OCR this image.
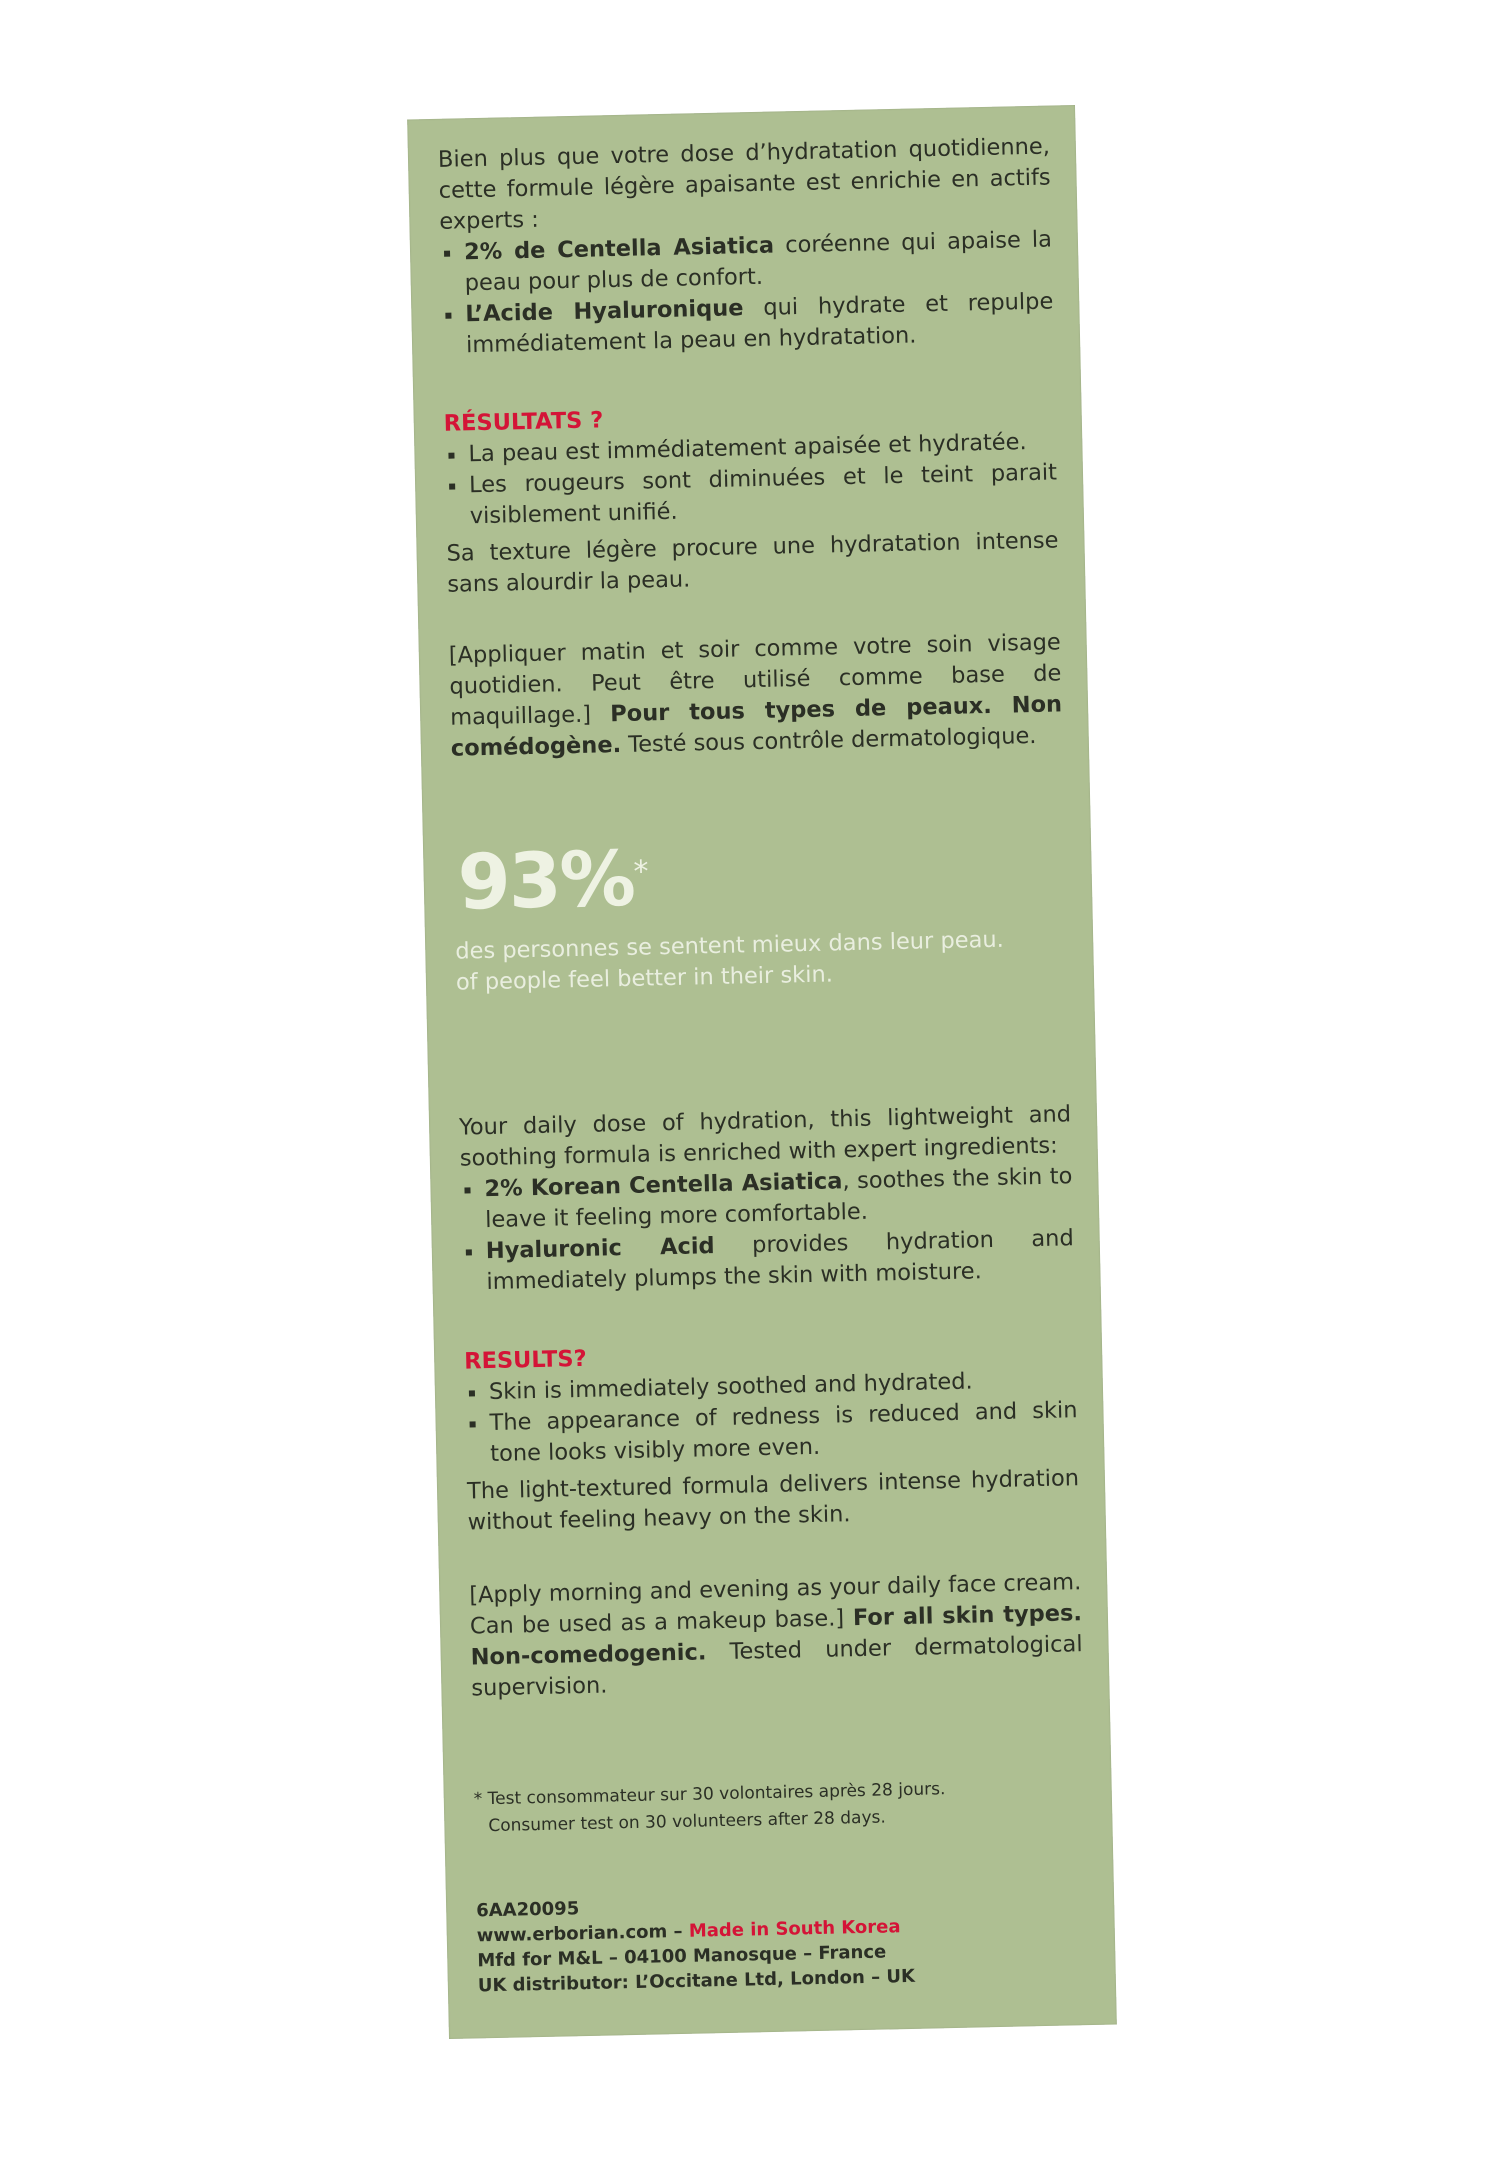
Bien plus que votre dose d’hydratation quotidienne, cette formule légère apaisante est enrichie en actifs experts :

2% de Centella Asiatica coréenne qui apaise la peau pour plus de confort.
L’Acide Hyaluronique qui hydrate et repulpe immédiatement la peau en hydratation.

RÉSULTATS ?

La peau est immédiatement apaisée et hydratée.
Les rougeurs sont diminuées et le teint parait visiblement unifié.

Sa texture légère procure une hydratation intense sans alourdir la peau.

[Appliquer matin et soir comme votre soin visage quotidien. Peut être utilisé comme base de maquillage.] Pour tous types de peaux. Non comédogène. Testé sous contrôle dermatologique.

93%*

des personnes se sentent mieux dans leur peau.

of people feel better in their skin.

Your daily dose of hydration, this lightweight and soothing formula is enriched with expert ingredients:

2% Korean Centella Asiatica, soothes the skin to leave it feeling more comfortable.
Hyaluronic Acid provides hydration and immediately plumps the skin with moisture.

RESULTS?

Skin is immediately soothed and hydrated.
The appearance of redness is reduced and skin tone looks visibly more even.

The light-textured formula delivers intense hydration without feeling heavy on the skin.

[Apply morning and evening as your daily face cream. Can be used as a makeup base.] For all skin types. Non-comedogenic. Tested under dermatological supervision.

* Test consommateur sur 30 volontaires après 28 jours.

Consumer test on 30 volunteers after 28 days.

6AA20095

www.erborian.com – Made in South Korea

Mfd for M&L – 04100 Manosque – France

UK distributor: L’Occitane Ltd, London – UK
